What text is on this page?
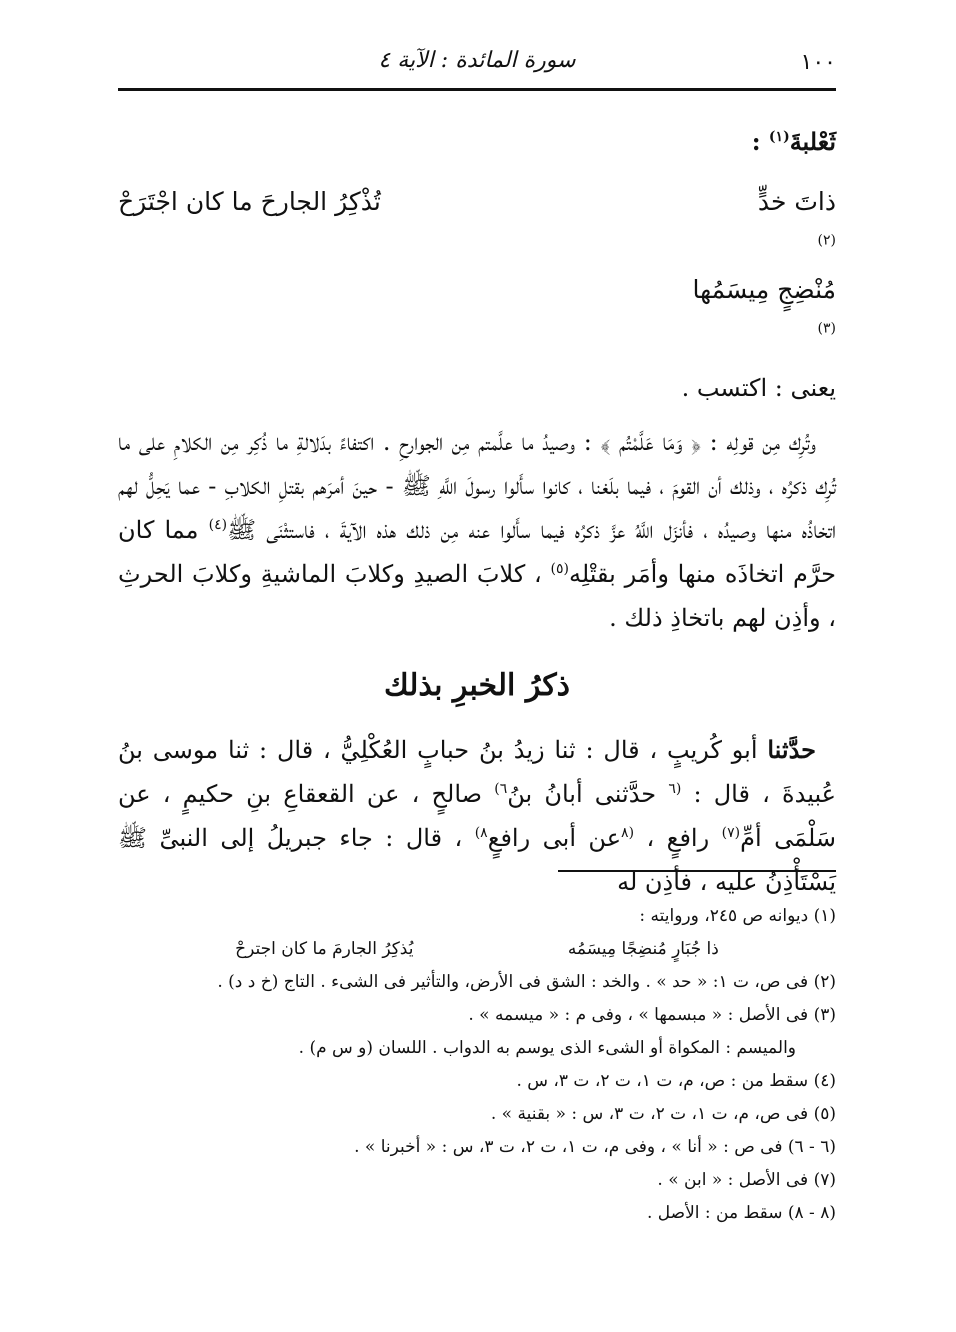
١٠٠
سورة المائدة : الآية ٤

ثَعْلبةَ$^{(١)}$ :

ذاتَ خدٍّ
$^{(٢)}$
مُنْضِجٍ مِيسَمُها
$^{(٣)}$
تُذْكِرُ الجارحَ ما كان اجْتَرَحْ

يعنى : اكتسب .

وتُرِك مِن قولِه : ﴿ وَمَا عَلَّمْتُم ﴾ : وصيدُ ما علَّمتم مِن الجوارحِ . اكتفاءً بدَلالةِ ما ذُكِر مِن الكلامِ على ما تُرِك ذكرُه ، وذلك أن القومَ ، فيما بلَغنا ، كانوا سأَلوا رسولَ اللَّهِ ﷺ - حينَ أمرَهم بقتلِ الكلابِ - عما يَحِلُّ لهم اتخاذُه منها وصيدُه ، فأنزَل اللَّهُ عزَّ ذكرُه فيما سأَلوا عنه مِن ذلك هذه الآيةَ ، فاستثْنَى ﷺ$^{(٤)}$ مما كان حرَّم اتخاذَه منها وأمَر بقتْلِه$^{(٥)}$ ، كلابَ الصيدِ وكلابَ الماشيةِ وكلابَ الحرثِ ، وأذِن لهم باتخاذِ ذلك .

ذكرُ الخبرِ بذلك

حدَّثنا أبو كُريبٍ ، قال : ثنا زيدُ بنُ حبابٍ العُكْلِيُّ ، قال : ثنا موسى بنُ عُبيدةَ ، قال : $^{(٦}$ حدَّثنى أبانُ بنُ$^{٦)}$ صالحٍ ، عن القعقاعِ بنِ حكيمٍ ، عن سَلْمَى أمِّ$^{(٧)}$ رافعٍ ، $^{(٨}$عن أبى رافعٍ$^{٨)}$ ، قال : جاء جبريلُ إلى النبىِّ ﷺ يَسْتَأْذِنُ عليه ، فأذِن له

(١) ديوانه ص ٢٤٥، وروايته :

ذا جُبَارٍ مُنضِجًا مِيسَمُه
يُذكِرُ الجارمَ ما كان اجترحْ

(٢) فى ص، ت ١: « حد » . والخد : الشق فى الأرض، والتأثير فى الشىء . التاج (خ د د) .

(٣) فى الأصل : « مبسمها » ، وفى م : « ميسمه » .

والميسم : المكواة أو الشىء الذى يوسم به الدواب . اللسان (و س م) .

(٤) سقط من : ص، م، ت ١، ت ٢، ت ٣، س .

(٥) فى ص، م، ت ١، ت ٢، ت ٣، س : « بقنية » .

(٦ - ٦) فى ص : « أنا » ، وفى م، ت ١، ت ٢، ت ٣، س : « أخبرنا » .

(٧) فى الأصل : « ابن » .

(٨ - ٨) سقط من : الأصل .
